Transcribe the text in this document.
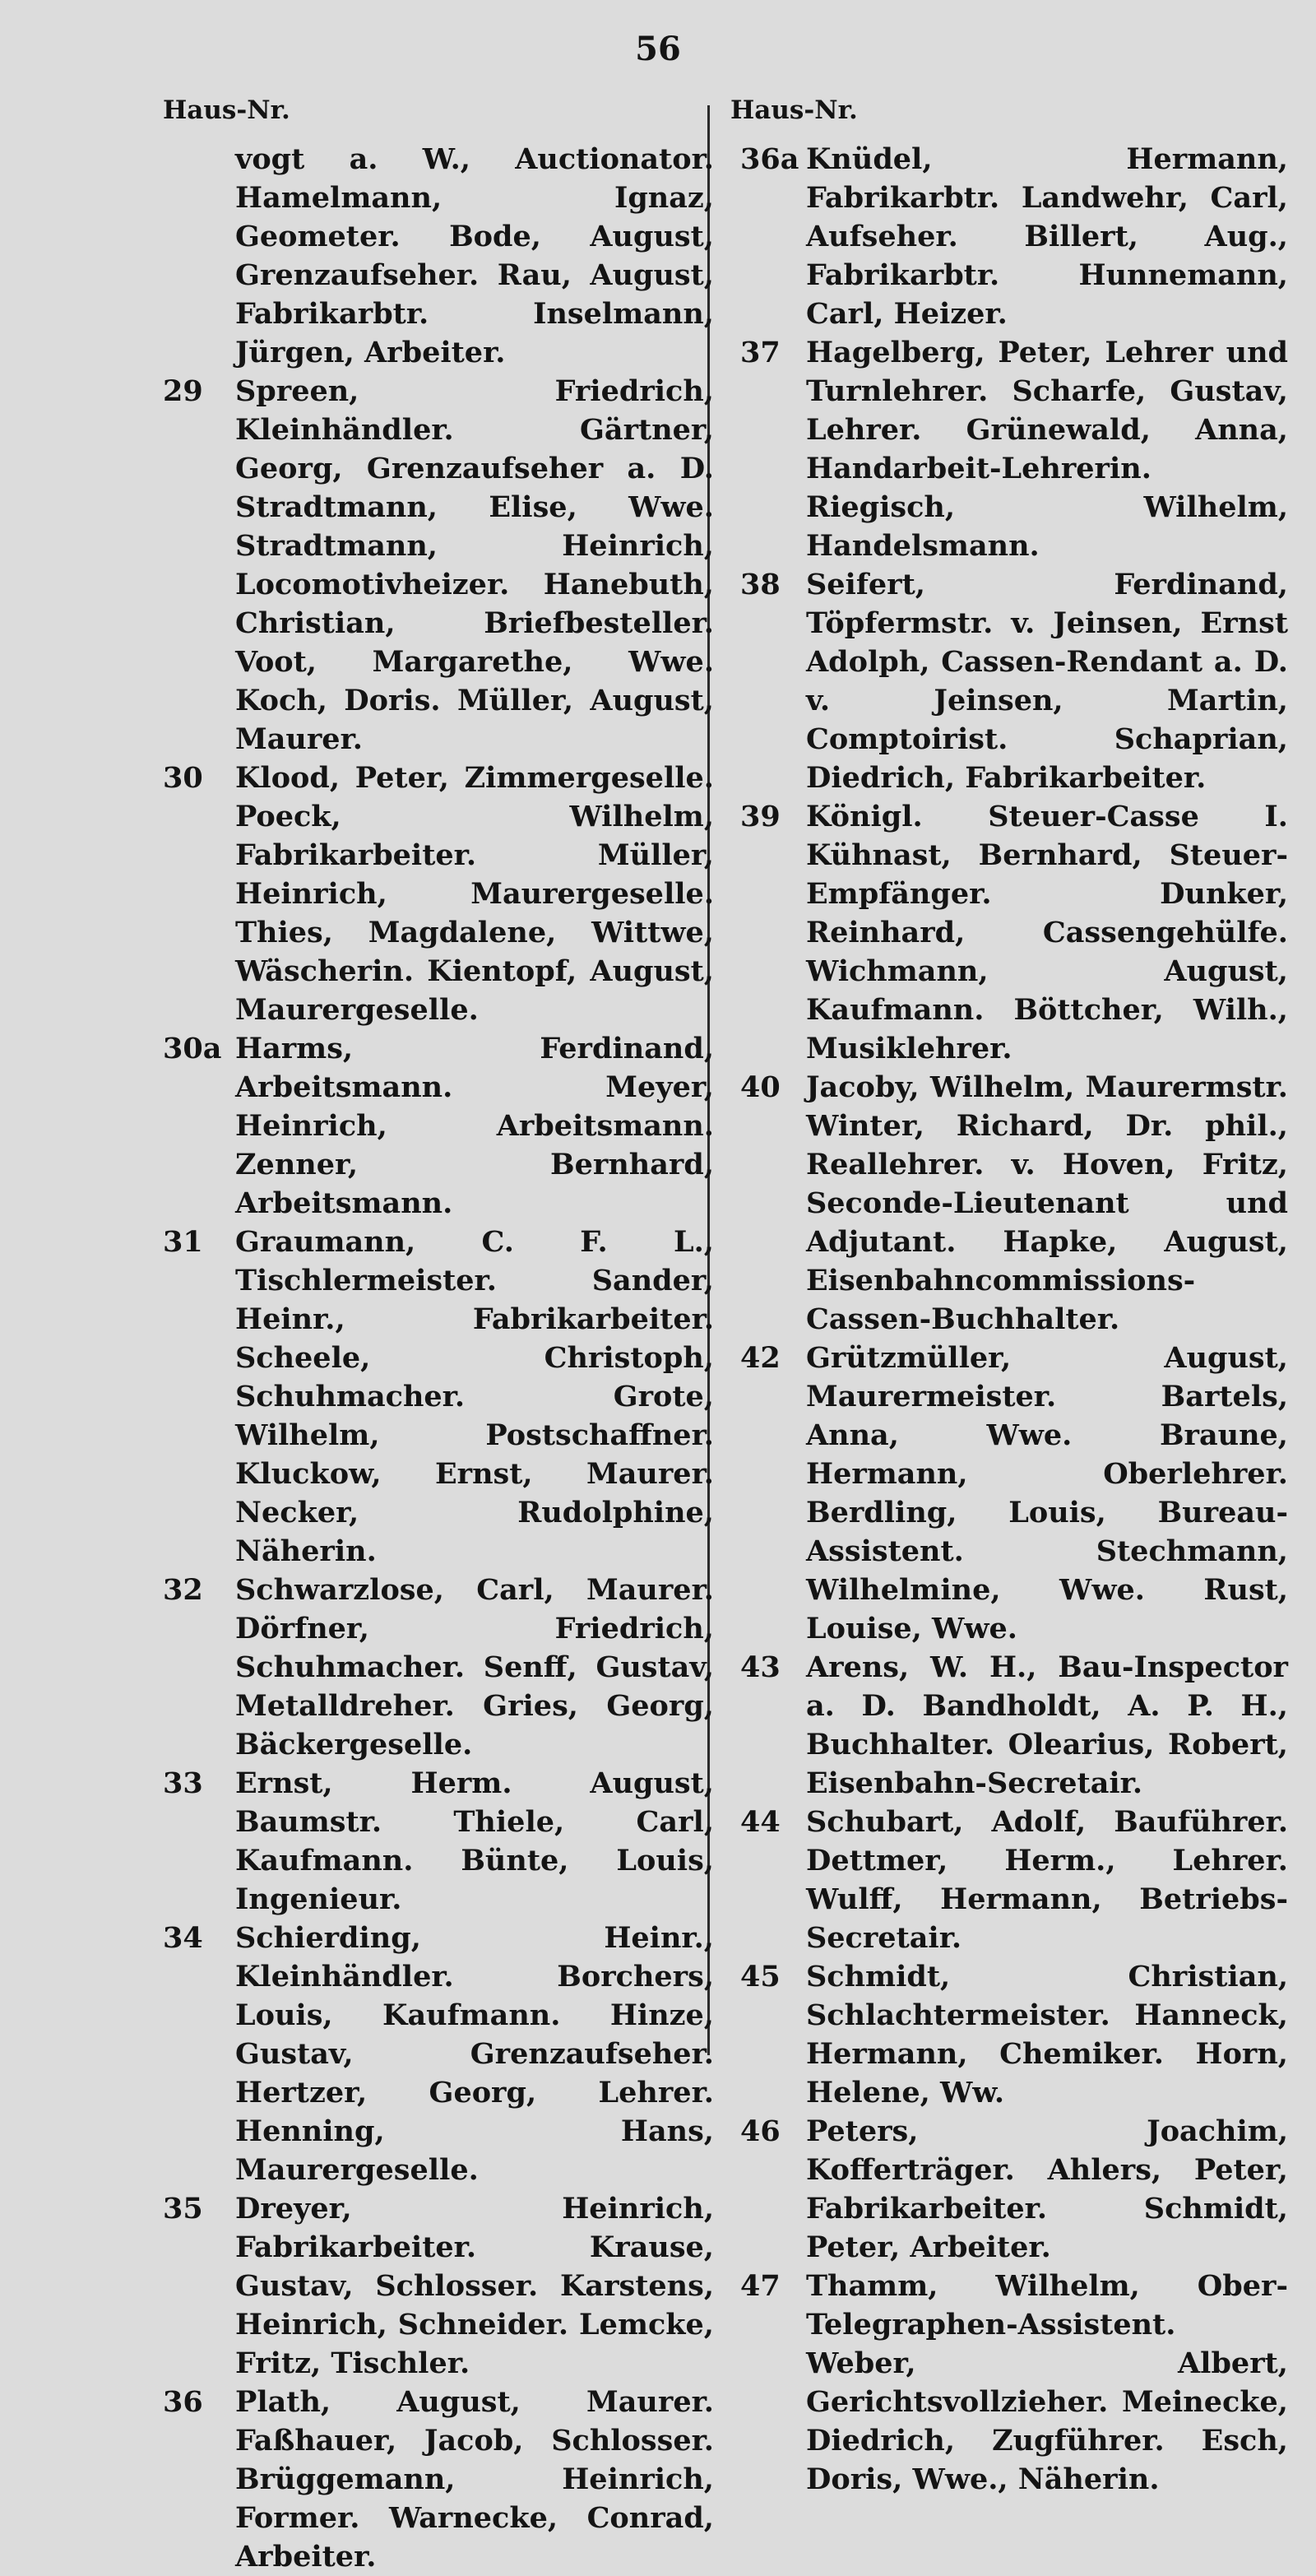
56
Haus-Nr.
vogt a. W., Auctionator. Hamelmann, Ignaz, Geometer. Bode, August, Grenzaufseher. Rau, August, Fabrikarbtr. Inselmann, Jürgen, Arbeiter.
29	Spreen, Friedrich, Kleinhändler. Gärtner, Georg, Grenzaufseher a. D. Stradtmann, Elise, Wwe. Stradtmann, Heinrich, Locomotivheizer. Hanebuth, Christian, Briefbesteller. Voot, Margarethe, Wwe. Koch, Doris. Müller, August, Maurer.
30	Klood, Peter, Zimmergeselle. Poeck, Wilhelm, Fabrikarbeiter. Müller, Heinrich, Maurergeselle. Thies, Magdalene, Wittwe, Wäscherin. Kientopf, August, Maurergeselle.
30a Harms, Ferdinand, Arbeitsmann. Meyer, Heinrich, Arbeitsmann. Zenner, Bernhard, Arbeitsmann.
31	Graumann, C. F. L., Tischlermeister. Sander, Heinr., Fabrikarbeiter. Scheele, Christoph, Schuhmacher. Grote, Wilhelm, Postschaffner. Kluckow, Ernst, Maurer. Necker, Rudolphine, Näherin.
32	Schwarzlose, Carl, Maurer. Dörfner, Friedrich, Schuhmacher. Senff, Gustav, Metalldreher. Gries, Georg, Bäckergeselle.
33	Ernst, Herm. August, Baumstr. Thiele, Carl, Kaufmann. Bünte, Louis, Ingenieur.
34	Schierding, Heinr., Kleinhändler. Borchers, Louis, Kaufmann. Hinze, Gustav, Grenzaufseher. Hertzer, Georg, Lehrer. Henning, Hans, Maurergeselle.
35	Dreyer, Heinrich, Fabrikarbeiter. Krause, Gustav, Schlosser. Karstens, Heinrich, Schneider. Lemcke, Fritz, Tischler.
36	Plath, August, Maurer. Faßhauer, Jacob, Schlosser. Brüggemann, Heinrich, Former. Warnecke, Conrad, Arbeiter.
Haus-Nr.
36a Knüdel, Hermann, Fabrikarbtr. Landwehr, Carl, Aufseher. Billert, Aug., Fabrikarbtr. Hunnemann, Carl, Heizer.
37 Hagelberg, Peter, Lehrer und Turnlehrer. Scharfe, Gustav, Lehrer. Grünewald, Anna, Handarbeit-Lehrerin. Riegisch, Wilhelm, Handelsmann.
38 Seifert, Ferdinand, Töpfermstr. v. Jeinsen, Ernst Adolph, Cassen-Rendant a. D. v. Jeinsen, Martin, Comptoirist. Schaprian, Diedrich, Fabrikarbeiter.
39 Königl. Steuer-Casse I. Kühnast, Bernhard, Steuer-Empfänger. Dunker, Reinhard, Cassengehülfe. Wichmann, August, Kaufmann. Böttcher, Wilh., Musiklehrer.
40 Jacoby, Wilhelm, Maurermstr. Winter, Richard, Dr. phil., Reallehrer. v. Hoven, Fritz, Seconde-Lieutenant und Adjutant. Hapke, August, Eisenbahncommissions-Cassen-Buchhalter.
42 Grützmüller, August, Maurermeister. Bartels, Anna, Wwe. Braune, Hermann, Oberlehrer. Berdling, Louis, Bureau-Assistent. Stechmann, Wilhelmine, Wwe. Rust, Louise, Wwe.
43 Arens, W. H., Bau-Inspector a. D. Bandholdt, A. P. H., Buchhalter. Olearius, Robert, Eisenbahn-Secretair.
44 Schubart, Adolf, Bauführer. Dettmer, Herm., Lehrer. Wulff, Hermann, Betriebs-Secretair.
45 Schmidt, Christian, Schlachtermeister. Hanneck, Hermann, Chemiker. Horn, Helene, Ww.
46 Peters, Joachim, Kofferträger. Ahlers, Peter, Fabrikarbeiter. Schmidt, Peter, Arbeiter.
47 Thamm, Wilhelm, Ober-Telegraphen-Assistent. Weber, Albert, Gerichtsvollzieher. Meinecke, Diedrich, Zugführer. Esch, Doris, Wwe., Näherin.
